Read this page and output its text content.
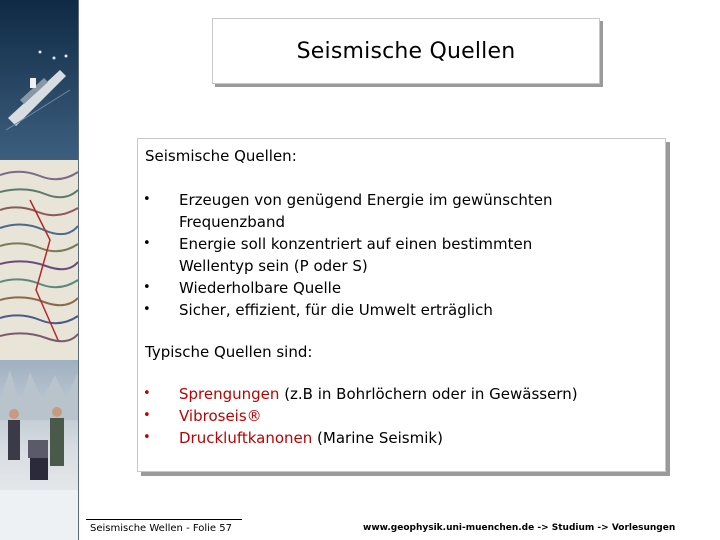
Seismische Quellen
Seismische Quellen:
• Erzeugen von genügend Energie im gewünschten
Frequenzband
• Energie soll konzentriert auf einen bestimmten
Wellentyp sein (P oder S)
• Wiederholbare Quelle
• Sicher, effizient, für die Umwelt erträglich
Typische Quellen sind:
• Sprengungen (z.B in Bohrlöchern oder in Gewässern)
• Vibroseis®
• Druckluftkanonen (Marine Seismik)
Seismische Wellen - Folie 57	www.geophysik.uni-muenchen.de -> Studium -> Vorlesungen
